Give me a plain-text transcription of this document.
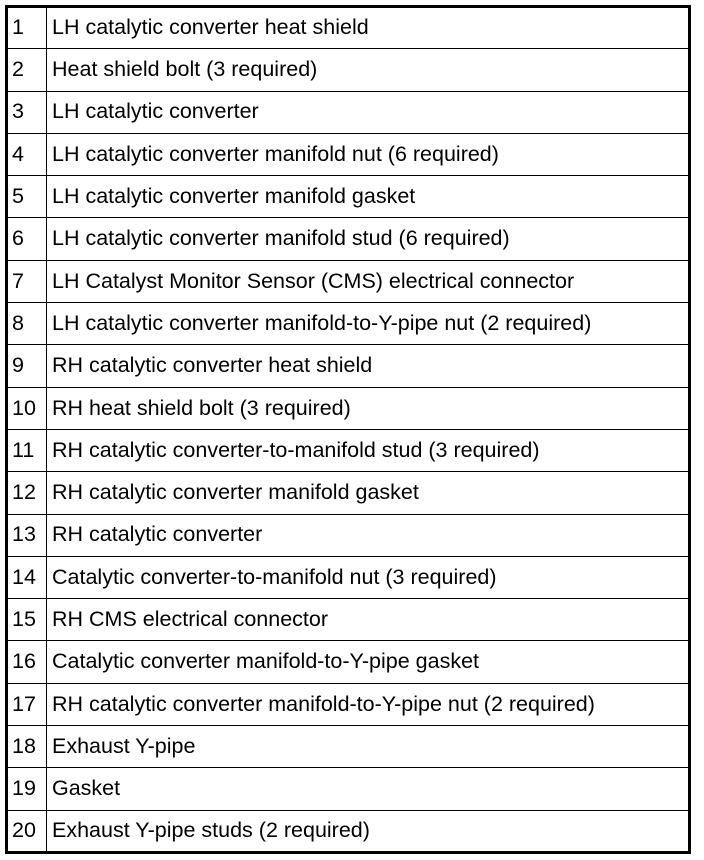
1	LH catalytic converter heat shield
2	Heat shield bolt (3 required)
3	LH catalytic converter
4	LH catalytic converter manifold nut (6 required)
5	LH catalytic converter manifold gasket
6	LH catalytic converter manifold stud (6 required)
7	LH Catalyst Monitor Sensor (CMS) electrical connector
8	LH catalytic converter manifold-to-Y-pipe nut (2 required)
9	RH catalytic converter heat shield
10	RH heat shield bolt (3 required)
11	RH catalytic converter-to-manifold stud (3 required)
12	RH catalytic converter manifold gasket
13	RH catalytic converter
14	Catalytic converter-to-manifold nut (3 required)
15	RH CMS electrical connector
16	Catalytic converter manifold-to-Y-pipe gasket
17	RH catalytic converter manifold-to-Y-pipe nut (2 required)
18	Exhaust Y-pipe
19	Gasket
20	Exhaust Y-pipe studs (2 required)
